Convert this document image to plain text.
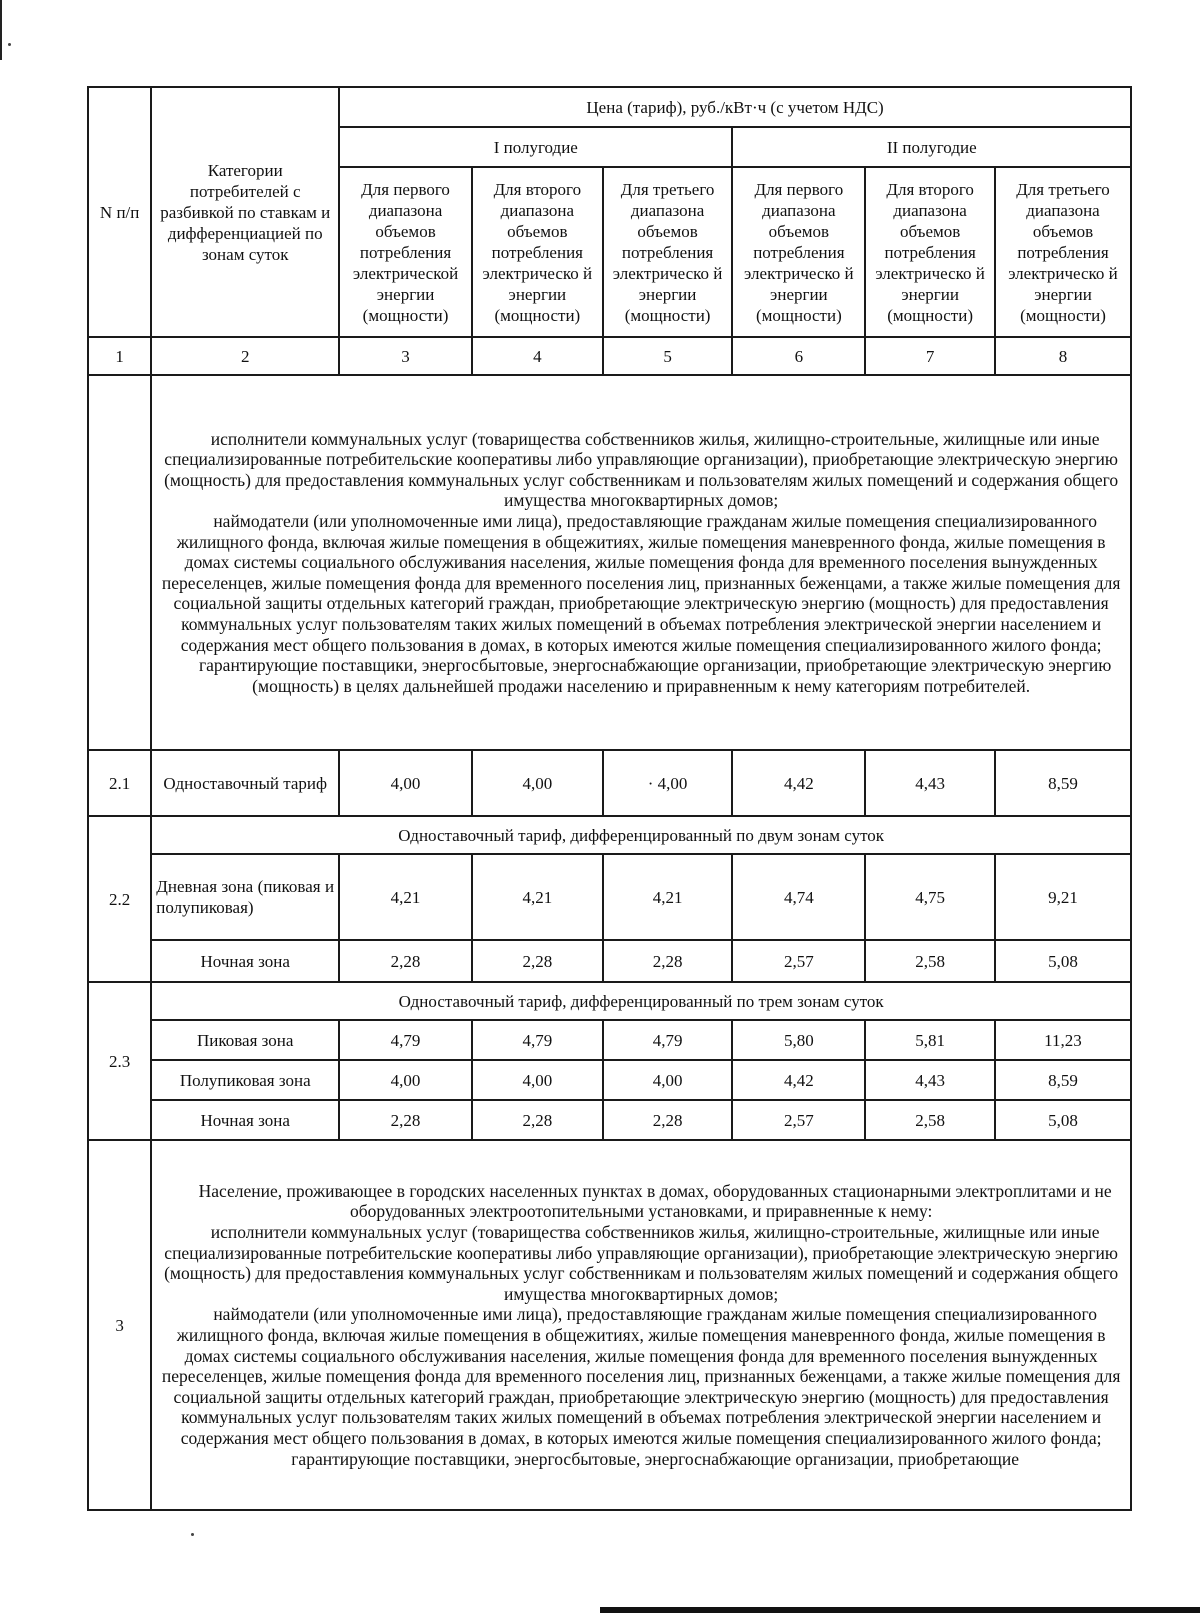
N п/п	Категории потребителей с разбивкой по ставкам и дифференциацией по зонам суток	Цена (тариф), руб./кВт·ч (с учетом НДС)					
		I полугодие			II полугодие		
		Для первого диапазона объемов потребления электрической энергии (мощности)	Для второго диапазона объемов потребления электрическо й энергии (мощности)	Для третьего диапазона объемов потребления электрическо й энергии (мощности)	Для первого диапазона объемов потребления электрическо й энергии (мощности)	Для второго диапазона объемов потребления электрическо й энергии (мощности)	Для третьего диапазона объемов потребления электрическо й энергии (мощности)
1	2	3	4	5	6	7	8

	исполнители коммунальных услуг (товарищества собственников жилья, жилищно-строительные, жилищные или иные специализированные потребительские кооперативы либо управляющие организации), приобретающие электрическую энергию (мощность) для предоставления коммунальных услуг собственникам и пользователям жилых помещений и содержания общего имущества многоквартирных домов;

наймодатели (или уполномоченные ими лица), предоставляющие гражданам жилые помещения специализированного жилищного фонда, включая жилые помещения в общежитиях, жилые помещения маневренного фонда, жилые помещения в домах системы социального обслуживания населения, жилые помещения фонда для временного поселения вынужденных переселенцев, жилые помещения фонда для временного поселения лиц, признанных беженцами, а также жилые помещения для социальной защиты отдельных категорий граждан, приобретающие электрическую энергию (мощность) для предоставления коммунальных услуг пользователям таких жилых помещений в объемах потребления электрической энергии населением и содержания мест общего пользования в домах, в которых имеются жилые помещения специализированного жилого фонда;

гарантирующие поставщики, энергосбытовые, энергоснабжающие организации, приобретающие электрическую энергию (мощность) в целях дальнейшей продажи населению и приравненным к нему категориям потребителей.						

2.1	Одноставочный тариф	4,00	4,00	· 4,00	4,42	4,43	8,59
2.2	Одноставочный тариф, дифференцированный по двум зонам суток						
	Дневная зона (пиковая и
полупиковая)	4,21	4,21	4,21	4,74	4,75	9,21
	Ночная зона	2,28	2,28	2,28	2,57	2,58	5,08
2.3	Одноставочный тариф, дифференцированный по трем зонам суток						
	Пиковая зона	4,79	4,79	4,79	5,80	5,81	11,23
	Полупиковая зона	4,00	4,00	4,00	4,42	4,43	8,59
	Ночная зона	2,28	2,28	2,28	2,57	2,58	5,08
3	Население, проживающее в городских населенных пунктах в домах, оборудованных стационарными электроплитами и не оборудованных электроотопительными установками, и приравненные к нему:

исполнители коммунальных услуг (товарищества собственников жилья, жилищно-строительные, жилищные или иные специализированные потребительские кооперативы либо управляющие организации), приобретающие электрическую энергию (мощность) для предоставления коммунальных услуг собственникам и пользователям жилых помещений и содержания общего имущества многоквартирных домов;

наймодатели (или уполномоченные ими лица), предоставляющие гражданам жилые помещения специализированного жилищного фонда, включая жилые помещения в общежитиях, жилые помещения маневренного фонда, жилые помещения в домах системы социального обслуживания населения, жилые помещения фонда для временного поселения вынужденных переселенцев, жилые помещения фонда для временного поселения лиц, признанных беженцами, а также жилые помещения для социальной защиты отдельных категорий граждан, приобретающие электрическую энергию (мощность) для предоставления коммунальных услуг пользователям таких жилых помещений в объемах потребления электрической энергии населением и содержания мест общего пользования в домах, в которых имеются жилые помещения специализированного жилого фонда;

гарантирующие поставщики, энергосбытовые, энергоснабжающие организации, приобретающие						
